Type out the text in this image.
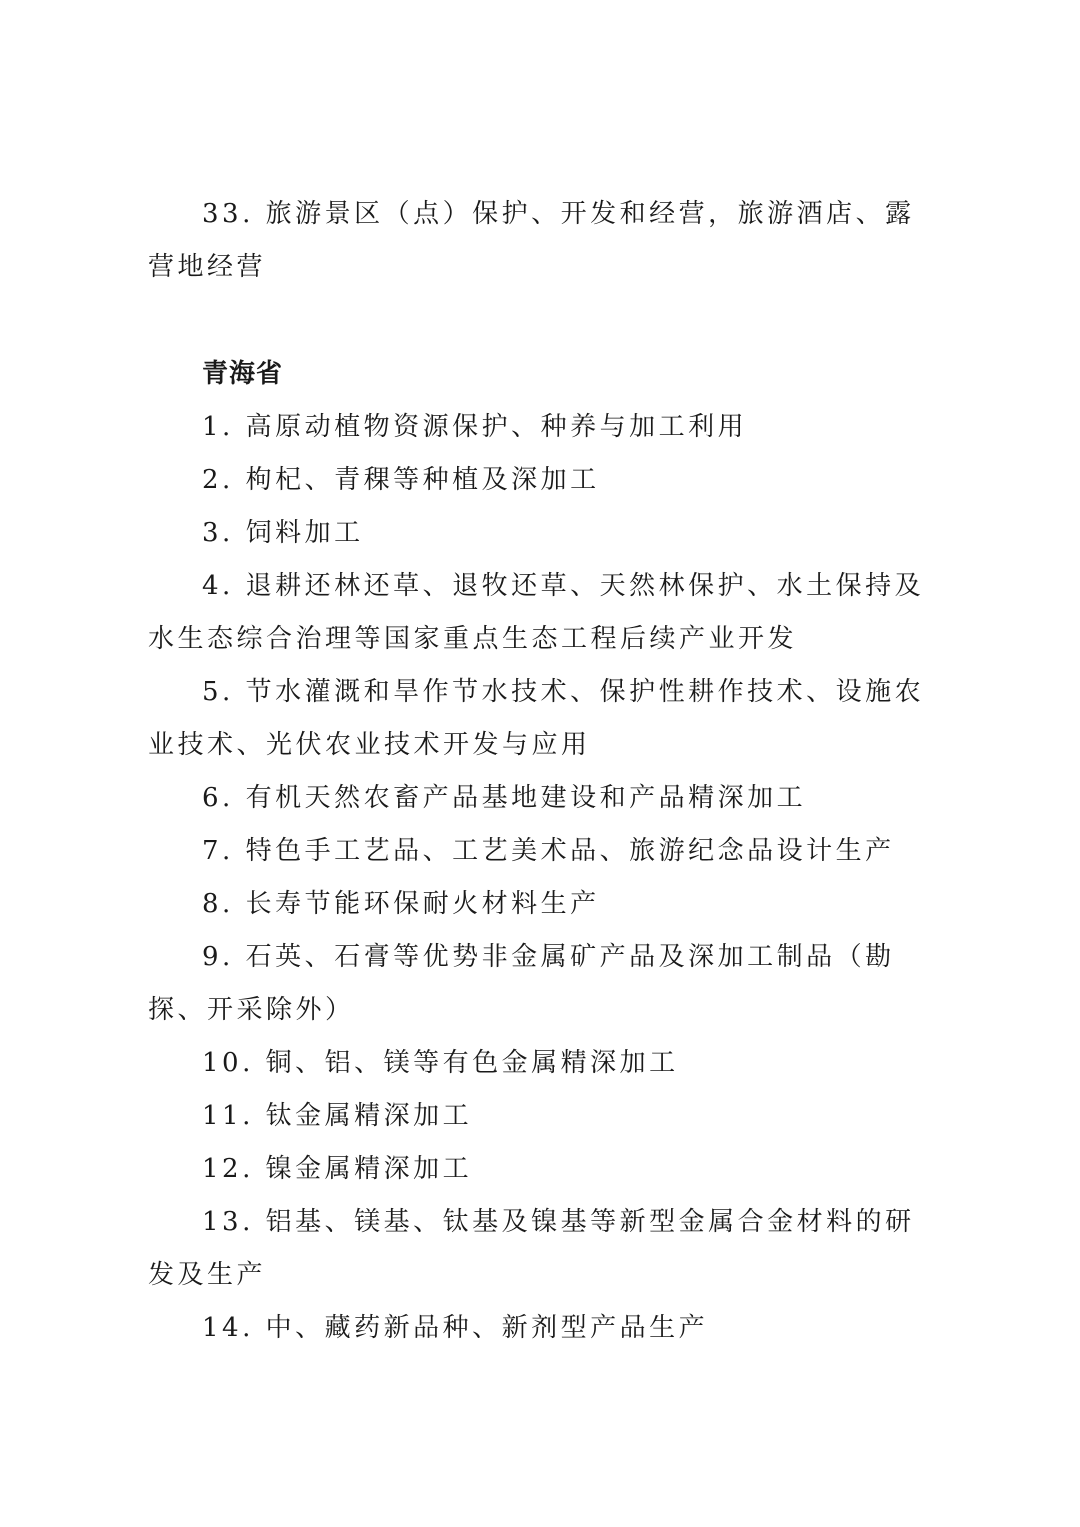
33. 旅游景区（点）保护、开发和经营，旅游酒店、露营地经营

青海省

1. 高原动植物资源保护、种养与加工利用

2. 枸杞、青稞等种植及深加工

3. 饲料加工

4. 退耕还林还草、退牧还草、天然林保护、水土保持及水生态综合治理等国家重点生态工程后续产业开发

5. 节水灌溉和旱作节水技术、保护性耕作技术、设施农业技术、光伏农业技术开发与应用

6. 有机天然农畜产品基地建设和产品精深加工

7. 特色手工艺品、工艺美术品、旅游纪念品设计生产

8. 长寿节能环保耐火材料生产

9. 石英、石膏等优势非金属矿产品及深加工制品（勘探、开采除外）

10. 铜、铝、镁等有色金属精深加工

11. 钛金属精深加工

12. 镍金属精深加工

13. 铝基、镁基、钛基及镍基等新型金属合金材料的研发及生产

14. 中、藏药新品种、新剂型产品生产
